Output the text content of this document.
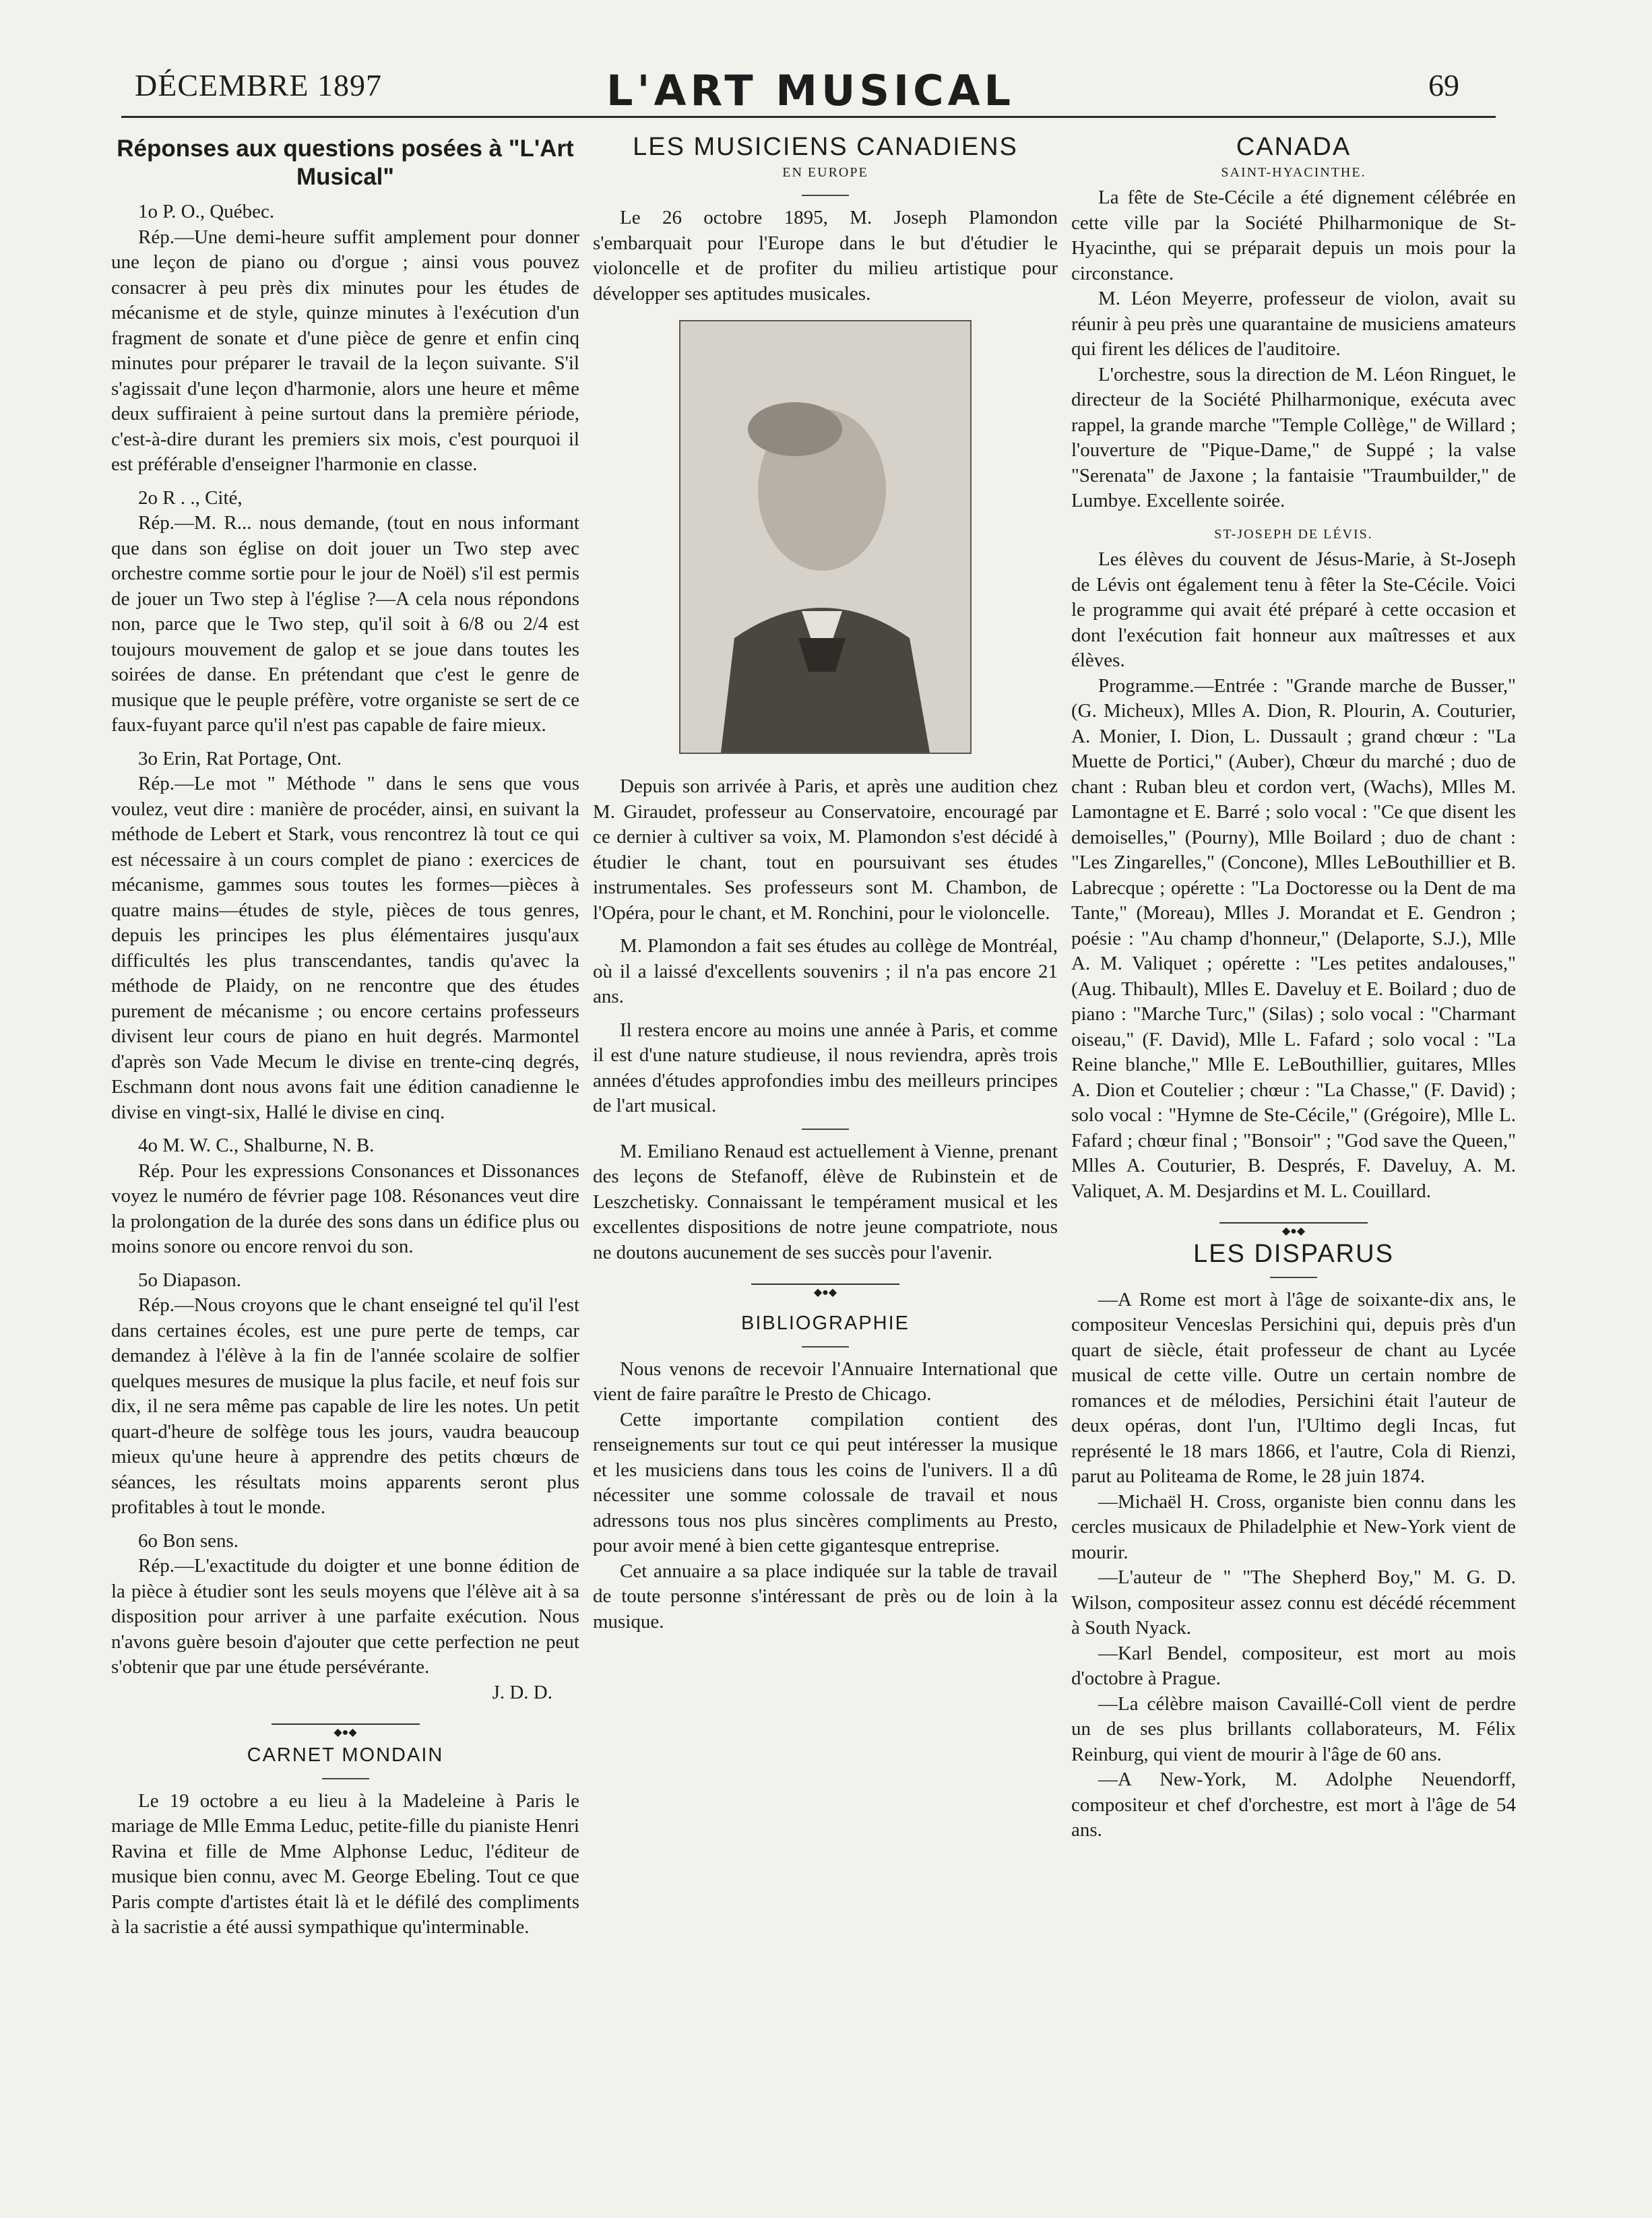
DÉCEMBRE 1897	L'ART MUSICAL	69

Réponses aux questions posées à "L'Art Musical"

1o P. O., Québec.

Rép.—Une demi-heure suffit amplement pour donner une leçon de piano ou d'orgue ; ainsi vous pouvez consacrer à peu près dix minutes pour les études de mécanisme et de style, quinze minutes à l'exécution d'un fragment de sonate et d'une pièce de genre et enfin cinq minutes pour préparer le travail de la leçon suivante. S'il s'agissait d'une leçon d'harmonie, alors une heure et même deux suffiraient à peine surtout dans la première période, c'est-à-dire durant les premiers six mois, c'est pourquoi il est préférable d'enseigner l'harmonie en classe.

2o R . ., Cité,

Rép.—M. R... nous demande, (tout en nous informant que dans son église on doit jouer un Two step avec orchestre comme sortie pour le jour de Noël) s'il est permis de jouer un Two step à l'église ?—A cela nous répondons non, parce que le Two step, qu'il soit à 6/8 ou 2/4 est toujours mouvement de galop et se joue dans toutes les soirées de danse. En prétendant que c'est le genre de musique que le peuple préfère, votre organiste se sert de ce faux-fuyant parce qu'il n'est pas capable de faire mieux.

3o Erin, Rat Portage, Ont.

Rép.—Le mot " Méthode " dans le sens que vous voulez, veut dire : manière de procéder, ainsi, en suivant la méthode de Lebert et Stark, vous rencontrez là tout ce qui est nécessaire à un cours complet de piano : exercices de mécanisme, gammes sous toutes les formes—pièces à quatre mains—études de style, pièces de tous genres, depuis les principes les plus élémentaires jusqu'aux difficultés les plus transcendantes, tandis qu'avec la méthode de Plaidy, on ne rencontre que des études purement de mécanisme ; ou encore certains professeurs divisent leur cours de piano en huit degrés. Marmontel d'après son Vade Mecum le divise en trente-cinq degrés, Eschmann dont nous avons fait une édition canadienne le divise en vingt-six, Hallé le divise en cinq.

4o M. W. C., Shalburne, N. B.

Rép. Pour les expressions Consonances et Dissonances voyez le numéro de février page 108. Résonances veut dire la prolongation de la durée des sons dans un édifice plus ou moins sonore ou encore renvoi du son.

5o Diapason.

Rép.—Nous croyons que le chant enseigné tel qu'il l'est dans certaines écoles, est une pure perte de temps, car demandez à l'élève à la fin de l'année scolaire de solfier quelques mesures de musique la plus facile, et neuf fois sur dix, il ne sera même pas capable de lire les notes. Un petit quart-d'heure de solfège tous les jours, vaudra beaucoup mieux qu'une heure à apprendre des petits chœurs de séances, les résultats moins apparents seront plus profitables à tout le monde.

6o Bon sens.

Rép.—L'exactitude du doigter et une bonne édition de la pièce à étudier sont les seuls moyens que l'élève ait à sa disposition pour arriver à une parfaite exécution. Nous n'avons guère besoin d'ajouter que cette perfection ne peut s'obtenir que par une étude persévérante.

J. D. D.

◆●◆

CARNET MONDAIN

Le 19 octobre a eu lieu à la Madeleine à Paris le mariage de Mlle Emma Leduc, petite-fille du pianiste Henri Ravina et fille de Mme Alphonse Leduc, l'éditeur de musique bien connu, avec M. George Ebeling. Tout ce que Paris compte d'artistes était là et le défilé des compliments à la sacristie a été aussi sympathique qu'interminable.

LES MUSICIENS CANADIENS

EN EUROPE

Le 26 octobre 1895, M. Joseph Plamondon s'embarquait pour l'Europe dans le but d'étudier le violoncelle et de profiter du milieu artistique pour développer ses aptitudes musicales.

Depuis son arrivée à Paris, et après une audition chez M. Giraudet, professeur au Conservatoire, encouragé par ce dernier à cultiver sa voix, M. Plamondon s'est décidé à étudier le chant, tout en poursuivant ses études instrumentales. Ses professeurs sont M. Chambon, de l'Opéra, pour le chant, et M. Ronchini, pour le violoncelle.

M. Plamondon a fait ses études au collège de Montréal, où il a laissé d'excellents souvenirs ; il n'a pas encore 21 ans.

Il restera encore au moins une année à Paris, et comme il est d'une nature studieuse, il nous reviendra, après trois années d'études approfondies imbu des meilleurs principes de l'art musical.

M. Emiliano Renaud est actuellement à Vienne, prenant des leçons de Stefanoff, élève de Rubinstein et de Leszchetisky. Connaissant le tempérament musical et les excellentes dispositions de notre jeune compatriote, nous ne doutons aucunement de ses succès pour l'avenir.

◆●◆

BIBLIOGRAPHIE

Nous venons de recevoir l'Annuaire International que vient de faire paraître le Presto de Chicago.

Cette importante compilation contient des renseignements sur tout ce qui peut intéresser la musique et les musiciens dans tous les coins de l'univers. Il a dû nécessiter une somme colossale de travail et nous adressons tous nos plus sincères compliments au Presto, pour avoir mené à bien cette gigantesque entreprise.

Cet annuaire a sa place indiquée sur la table de travail de toute personne s'intéressant de près ou de loin à la musique.

CANADA

SAINT-HYACINTHE.

La fête de Ste-Cécile a été dignement célébrée en cette ville par la Société Philharmonique de St-Hyacinthe, qui se préparait depuis un mois pour la circonstance.

M. Léon Meyerre, professeur de violon, avait su réunir à peu près une quarantaine de musiciens amateurs qui firent les délices de l'auditoire.

L'orchestre, sous la direction de M. Léon Ringuet, le directeur de la Société Philharmonique, exécuta avec rappel, la grande marche "Temple Collège," de Willard ; l'ouverture de "Pique-Dame," de Suppé ; la valse "Serenata" de Jaxone ; la fantaisie "Traumbuilder," de Lumbye. Excellente soirée.

ST-JOSEPH DE LÉVIS.

Les élèves du couvent de Jésus-Marie, à St-Joseph de Lévis ont également tenu à fêter la Ste-Cécile. Voici le programme qui avait été préparé à cette occasion et dont l'exécution fait honneur aux maîtresses et aux élèves.

Programme.—Entrée : "Grande marche de Busser," (G. Micheux), Mlles A. Dion, R. Plourin, A. Couturier, A. Monier, I. Dion, L. Dussault ; grand chœur : "La Muette de Portici," (Auber), Chœur du marché ; duo de chant : Ruban bleu et cordon vert, (Wachs), Mlles M. Lamontagne et E. Barré ; solo vocal : "Ce que disent les demoiselles," (Pourny), Mlle Boilard ; duo de chant : "Les Zingarelles," (Concone), Mlles LeBouthillier et B. Labrecque ; opérette : "La Doctoresse ou la Dent de ma Tante," (Moreau), Mlles J. Morandat et E. Gendron ; poésie : "Au champ d'honneur," (Delaporte, S.J.), Mlle A. M. Valiquet ; opérette : "Les petites andalouses," (Aug. Thibault), Mlles E. Daveluy et E. Boilard ; duo de piano : "Marche Turc," (Silas) ; solo vocal : "Charmant oiseau," (F. David), Mlle L. Fafard ; solo vocal : "La Reine blanche," Mlle E. LeBouthillier, guitares, Mlles A. Dion et Coutelier ; chœur : "La Chasse," (F. David) ; solo vocal : "Hymne de Ste-Cécile," (Grégoire), Mlle L. Fafard ; chœur final ; "Bonsoir" ; "God save the Queen," Mlles A. Couturier, B. Després, F. Daveluy, A. M. Valiquet, A. M. Desjardins et M. L. Couillard.

◆●◆

LES DISPARUS

—A Rome est mort à l'âge de soixante-dix ans, le compositeur Venceslas Persichini qui, depuis près d'un quart de siècle, était professeur de chant au Lycée musical de cette ville. Outre un certain nombre de romances et de mélodies, Persichini était l'auteur de deux opéras, dont l'un, l'Ultimo degli Incas, fut représenté le 18 mars 1866, et l'autre, Cola di Rienzi, parut au Politeama de Rome, le 28 juin 1874.

—Michaël H. Cross, organiste bien connu dans les cercles musicaux de Philadelphie et New-York vient de mourir.

—L'auteur de " "The Shepherd Boy," M. G. D. Wilson, compositeur assez connu est décédé récemment à South Nyack.

—Karl Bendel, compositeur, est mort au mois d'octobre à Prague.

—La célèbre maison Cavaillé-Coll vient de perdre un de ses plus brillants collaborateurs, M. Félix Reinburg, qui vient de mourir à l'âge de 60 ans.

—A New-York, M. Adolphe Neuendorff, compositeur et chef d'orchestre, est mort à l'âge de 54 ans.
